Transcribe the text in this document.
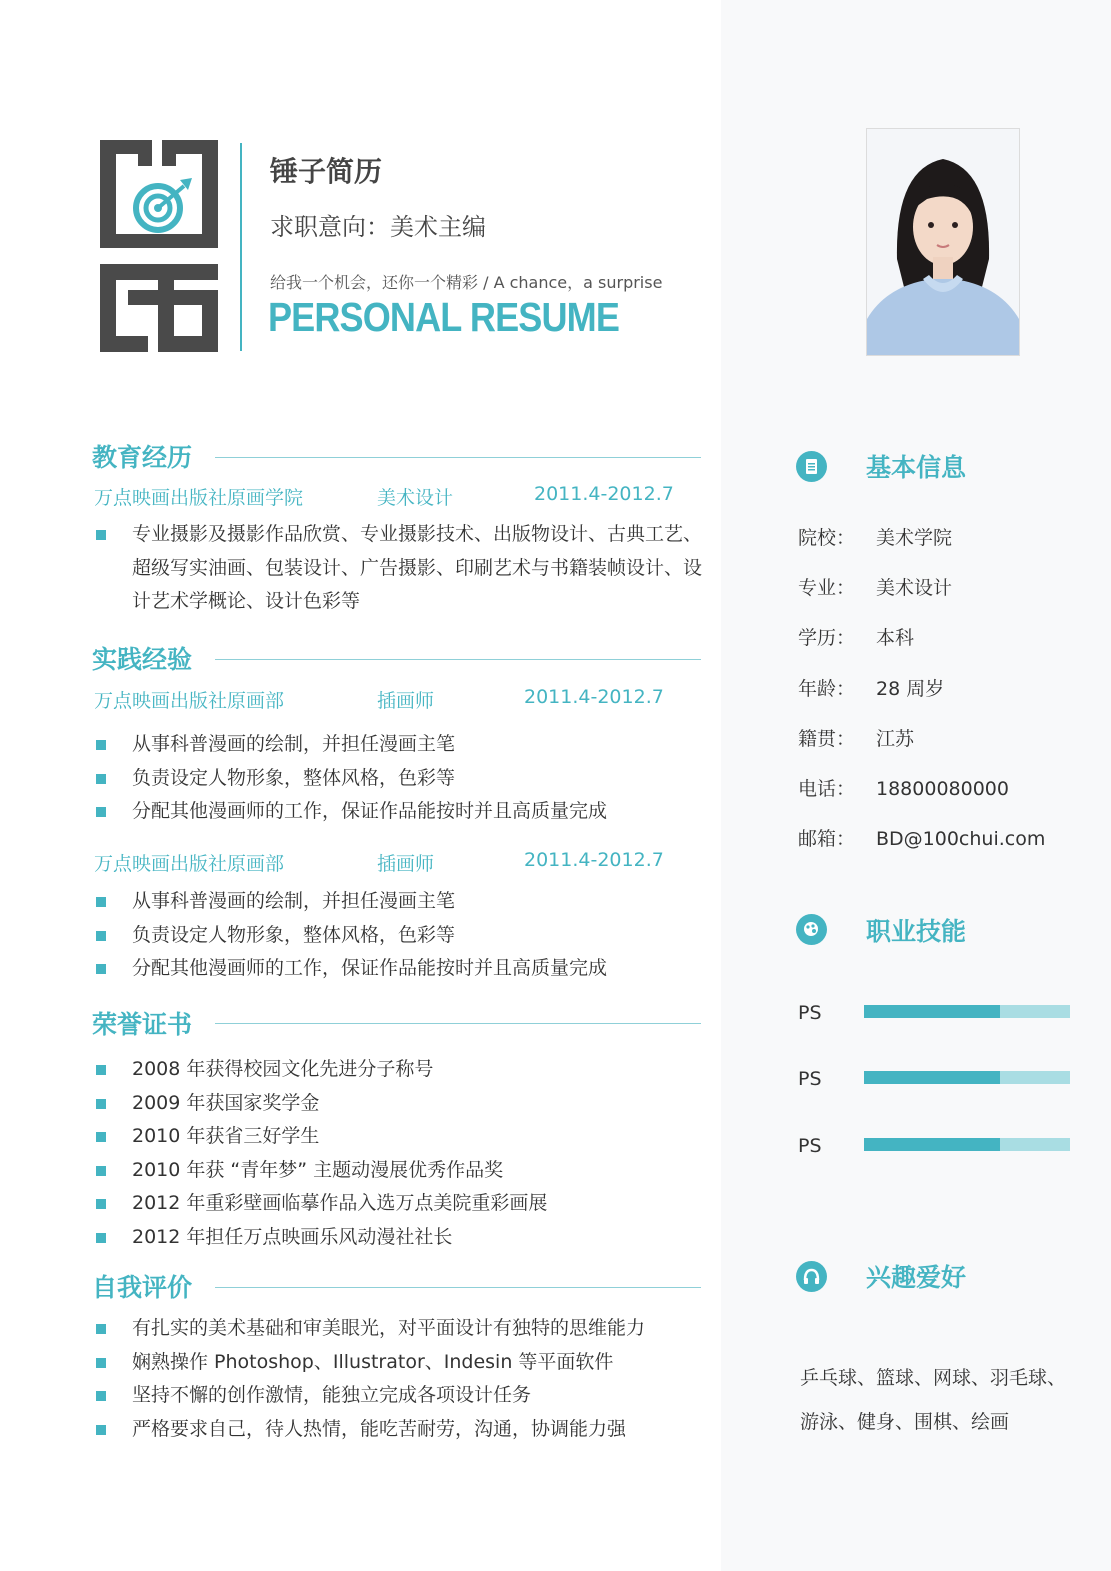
锤子简历
求职意向：美术主编
给我一个机会，还你一个精彩 / A chance，a surprise
PERSONAL RESUME
教育经历
万点映画出版社原画学院	美术设计	2011.4-2012.7
专业摄影及摄影作品欣赏、专业摄影技术、出版物设计、古典工艺、超级写实油画、包装设计、广告摄影、印刷艺术与书籍装帧设计、设计艺术学概论、设计色彩等
实践经验
万点映画出版社原画部	插画师	2011.4-2012.7
从事科普漫画的绘制，并担任漫画主笔
负责设定人物形象，整体风格，色彩等
分配其他漫画师的工作，保证作品能按时并且高质量完成
万点映画出版社原画部	插画师	2011.4-2012.7
从事科普漫画的绘制，并担任漫画主笔
负责设定人物形象，整体风格，色彩等
分配其他漫画师的工作，保证作品能按时并且高质量完成
荣誉证书
2008 年获得校园文化先进分子称号
2009 年获国家奖学金
2010 年获省三好学生
2010 年获 “青年梦” 主题动漫展优秀作品奖
2012 年重彩壁画临摹作品入选万点美院重彩画展
2012 年担任万点映画乐风动漫社社长
自我评价
有扎实的美术基础和审美眼光，对平面设计有独特的思维能力
娴熟操作 Photoshop、Illustrator、Indesin 等平面软件
坚持不懈的创作激情，能独立完成各项设计任务
严格要求自己，待人热情，能吃苦耐劳，沟通，协调能力强
基本信息
院校： 美术学院
专业： 美术设计
学历： 本科
年龄： 28 周岁
籍贯： 江苏
电话： 18800080000
邮箱： BD@100chui.com
职业技能
PS
PS
PS
兴趣爱好
乒乓球、篮球、网球、羽毛球、游泳、健身、围棋、绘画
